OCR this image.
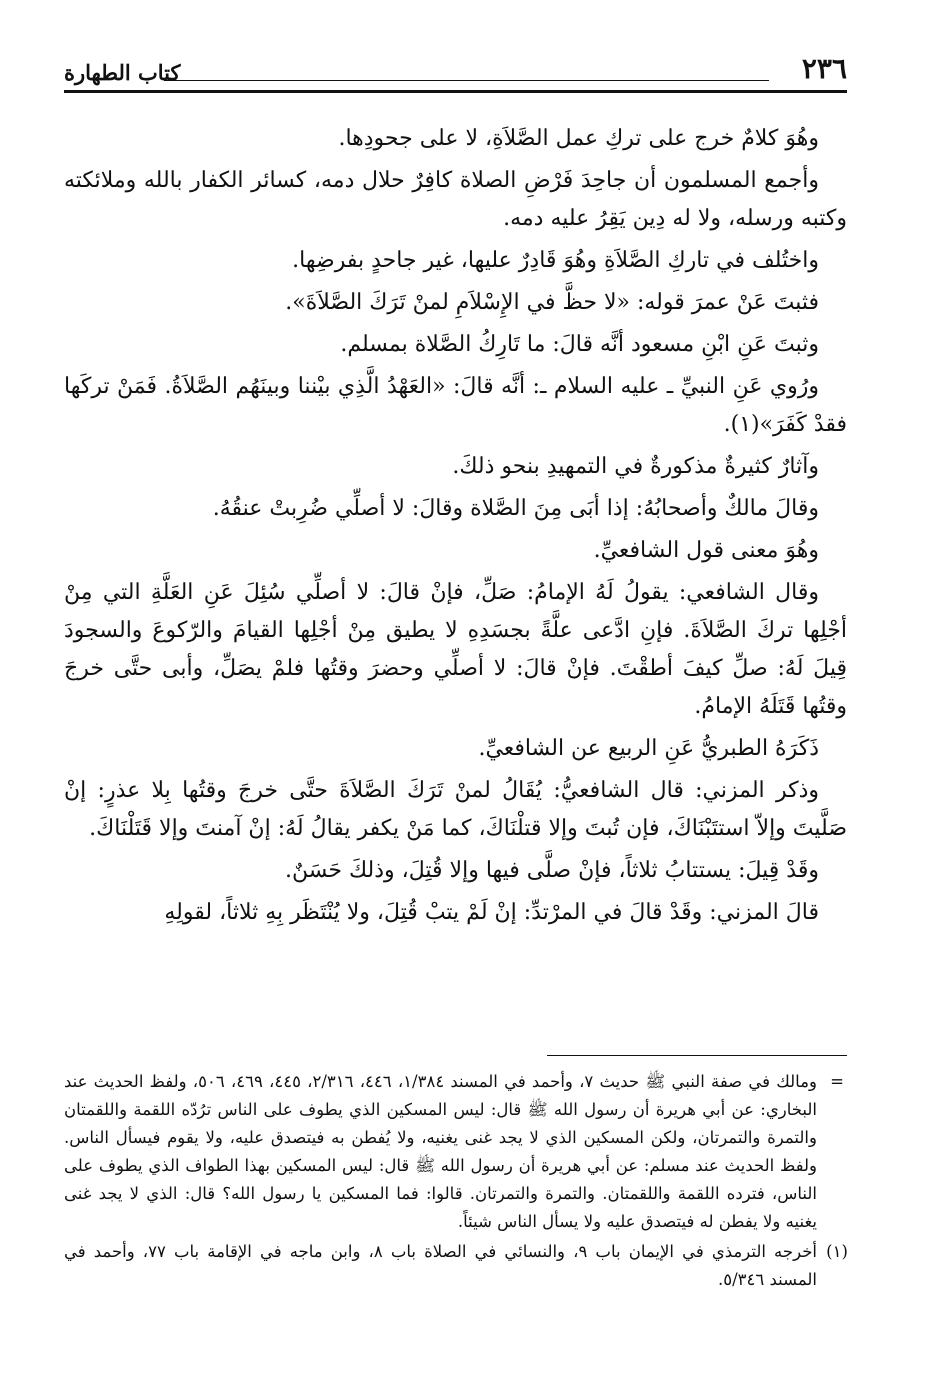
٢٣٦
كتاب الطهارة

وهُوَ كلامٌ خرج على تركِ عمل الصَّلاَةِ، لا على جحودِها.

وأجمع المسلمون أن جاحِدَ فَرْضِ الصلاة كافِرٌ حلال دمه، كسائر الكفار بالله وملائكته وكتبه ورسله، ولا له دِين يَقِرُ عليه دمه.

واختُلف في تاركِ الصَّلاَةِ وهُوَ قَادِرٌ عليها، غير جاحدٍ بفرضِها.

فثبتَ عَنْ عمرَ قوله: «لا حظَّ في الإِسْلاَمِ لمنْ تَرَكَ الصَّلاَةَ».

وثبتَ عَنِ ابْنِ مسعود أنَّه قالَ: ما تَارِكُ الصَّلاة بمسلم.

ورُوي عَنِ النبيِّ ـ عليه السلام ـ: أنَّه قالَ: «العَهْدُ الَّذِي بيْننا وبينَهُم الصَّلاَةُ. فَمَنْ تركَها فقدْ كَفَرَ»(١).

وآثارٌ كثيرةٌ مذكورةٌ في التمهيدِ بنحو ذلكَ.

وقالَ مالكٌ وأصحابُهُ: إذا أبَى مِنَ الصَّلاة وقالَ: لا أصلِّي ضُرِبتْ عنقُهُ.

وهُوَ معنى قول الشافعيِّ.

وقال الشافعي: يقولُ لَهُ الإمامُ: صَلِّ، فإنْ قالَ: لا أصلِّي سُئِلَ عَنِ العَلَّةِ التي مِنْ أجْلِها تركَ الصَّلاَةَ. فإنِ ادَّعى علَّةً بجسَدِهِ لا يطيق مِنْ أجْلِها القيامَ والرّكوعَ والسجودَ قِيلَ لَهُ: صلِّ كيفَ أطقْتَ. فإنْ قالَ: لا أصلِّي وحضرَ وقتُها فلمْ يصَلِّ، وأبى حتَّى خرجَ وقتُها قَتَلَهُ الإمامُ.

ذَكَرَهُ الطبريُّ عَنِ الربيع عن الشافعيِّ.

وذكر المزني: قال الشافعيُّ: يُقَالُ لمنْ تَرَكَ الصَّلاَةَ حتَّى خرجَ وقتُها بِلا عذرٍ: إنْ صَلَّيتَ وإلاّ استتَبْنَاكَ، فإن تُبتَ وإلا قتلْنَاكَ، كما مَنْ يكفر يقالُ لَهُ: إنْ آمنتَ وإلا قَتَلْنَاكَ.

وقَدْ قِيلَ: يستتابُ ثلاثاً، فإنْ صلَّى فيها وإلا قُتِلَ، وذلكَ حَسَنٌ.

قالَ المزني: وقَدْ قالَ في المرْتدِّ: إنْ لَمْ يتبْ قُتِلَ، ولا يُنْتَظَر بِهِ ثلاثاً، لقولِهِ

=
ومالك في صفة النبي ﷺ حديث ٧، وأحمد في المسند ١/٣٨٤، ٤٤٦، ٢/٣١٦، ٤٤٥، ٤٦٩، ٥٠٦، ولفظ الحديث عند البخاري: عن أبي هريرة أن رسول الله ﷺ قال: ليس المسكين الذي يطوف على الناس ترُدّه اللقمة واللقمتان والتمرة والتمرتان، ولكن المسكين الذي لا يجد غنى يغنيه، ولا يُفطن به فيتصدق عليه، ولا يقوم فيسأل الناس. ولفظ الحديث عند مسلم: عن أبي هريرة أن رسول الله ﷺ قال: ليس المسكين بهذا الطواف الذي يطوف على الناس، فترده اللقمة واللقمتان. والتمرة والتمرتان. قالوا: فما المسكين يا رسول الله؟ قال: الذي لا يجد غنى يغنيه ولا يفطن له فيتصدق عليه ولا يسأل الناس شيئاً.
(١)
أخرجه الترمذي في الإيمان باب ٩، والنسائي في الصلاة باب ٨، وابن ماجه في الإقامة باب ٧٧، وأحمد في المسند ٥/٣٤٦.
